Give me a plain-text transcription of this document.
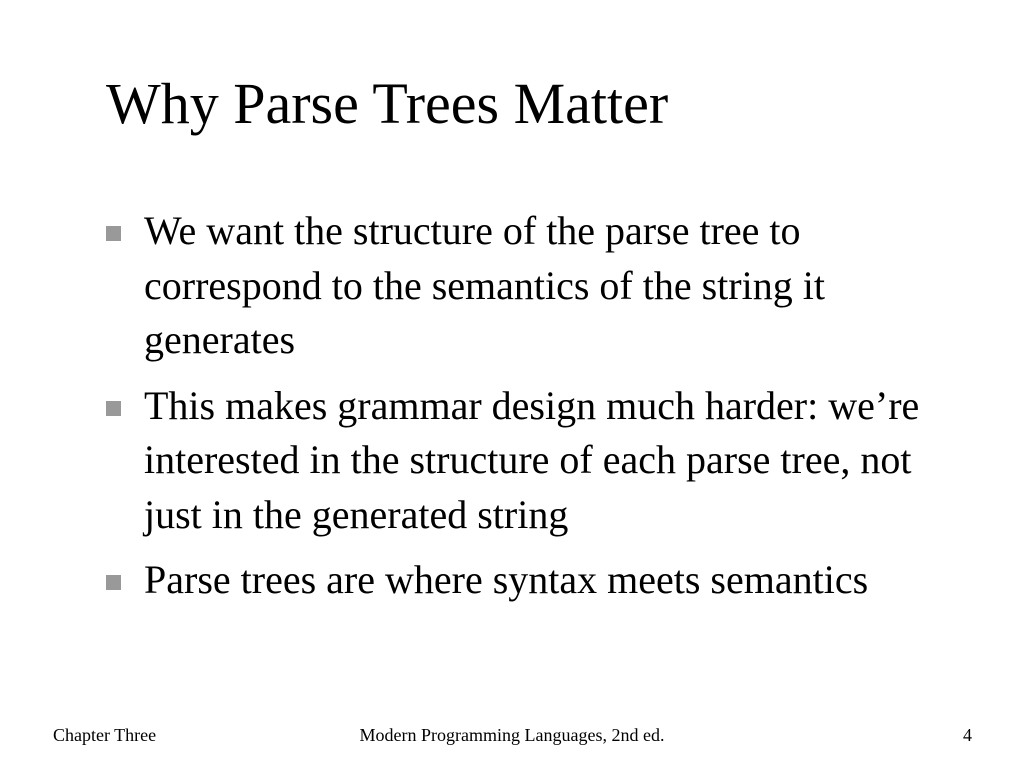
Why Parse Trees Matter
We want the structure of the parse tree to correspond to the semantics of the string it generates
This makes grammar design much harder: we’re interested in the structure of each parse tree, not just in the generated string
Parse trees are where syntax meets semantics
Chapter Three	Modern Programming Languages, 2nd ed.	4
